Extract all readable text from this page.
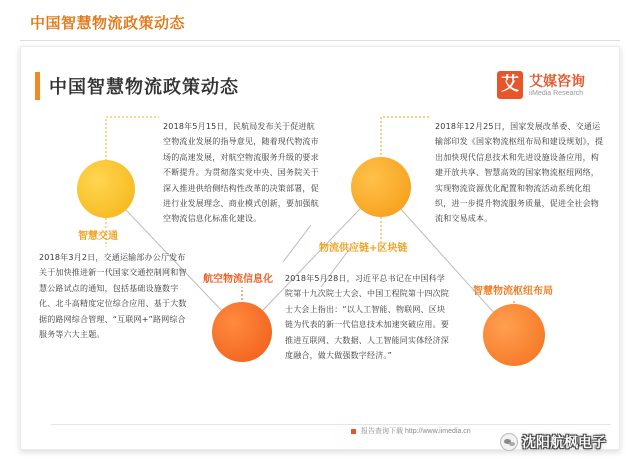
中国智慧物流政策动态
中国智慧物流政策动态	艾 艾媒咨询
iiMedia Research
智慧交通
航空物流信息化
物流供应链+区块链
智慧物流枢纽布局
2018年3月2日，交通运输部办公厅发布关于加快推进新一代国家交通控制网和智慧公路试点的通知，包括基础设施数字化、北斗高精度定位综合应用、基于大数据的路网综合管理、“互联网+”路网综合服务等六大主题。
2018年5月15日，民航局发布关于促进航空物流业发展的指导意见，随着现代物流市场的高速发展，对航空物流服务升级的要求不断提升。为贯彻落实党中央、国务院关于深入推进供给侧结构性改革的决策部署，促进行业发展理念、商业模式创新，要加强航空物流信息化标准化建设。
2018年5月28日，习近平总书记在中国科学院第十九次院士大会、中国工程院第十四次院士大会上指出：“以人工智能、物联网、区块链为代表的新一代信息技术加速突破应用。要推进互联网、大数据、人工智能同实体经济深度融合，做大做强数字经济。”
2018年12月25日，国家发展改革委、交通运输部印发《国家物流枢纽布局和建设规划》，提出加快现代信息技术和先进设施设备应用，构建开放共享、智慧高效的国家物流枢纽网络，实现物流资源优化配置和物流活动系统化组织，进一步提升物流服务质量，促进全社会物流和交易成本。
报告查询下载 http://www.iimedia.cn
沈阳航枫电子
